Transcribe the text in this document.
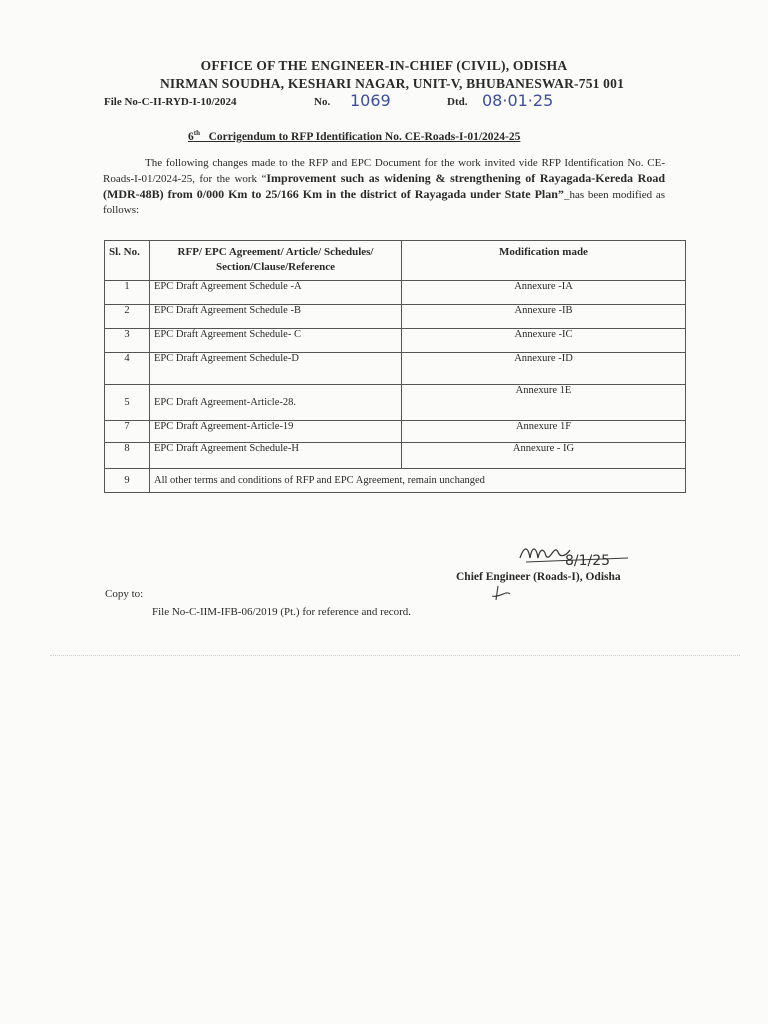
OFFICE OF THE ENGINEER-IN-CHIEF (CIVIL), ODISHA
NIRMAN SOUDHA, KESHARI NAGAR, UNIT-V, BHUBANESWAR-751 001
File No-C-II-RYD-I-10/2024	No. 1069	Dtd. 08·01·25
6th Corrigendum to RFP Identification No. CE-Roads-I-01/2024-25
The following changes made to the RFP and EPC Document for the work invited vide RFP Identification No. CE-Roads-I-01/2024-25, for the work “Improvement such as widening & strengthening of Rayagada-Kereda Road (MDR-48B) from 0/000 Km to 25/166 Km in the district of Rayagada under State Plan”_has been modified as follows:
Sl. No.	RFP/ EPC Agreement/ Article/ Schedules/ Section/Clause/Reference	Modification made
1	EPC Draft Agreement Schedule -A	Annexure -IA
2	EPC Draft Agreement Schedule -B	Annexure -IB
3	EPC Draft Agreement Schedule- C	Annexure -IC
4	EPC Draft Agreement Schedule-D	Annexure -ID
5	EPC Draft Agreement-Article-28.	Annexure 1E
7	EPC Draft Agreement-Article-19	Annexure 1F
8	EPC Draft Agreement Schedule-H	Annexure - IG
9	All other terms and conditions of RFP and EPC Agreement, remain unchanged	
8/1/25
Chief Engineer (Roads-I), Odisha
Copy to:
File No-C-IIM-IFB-06/2019 (Pt.) for reference and record.
